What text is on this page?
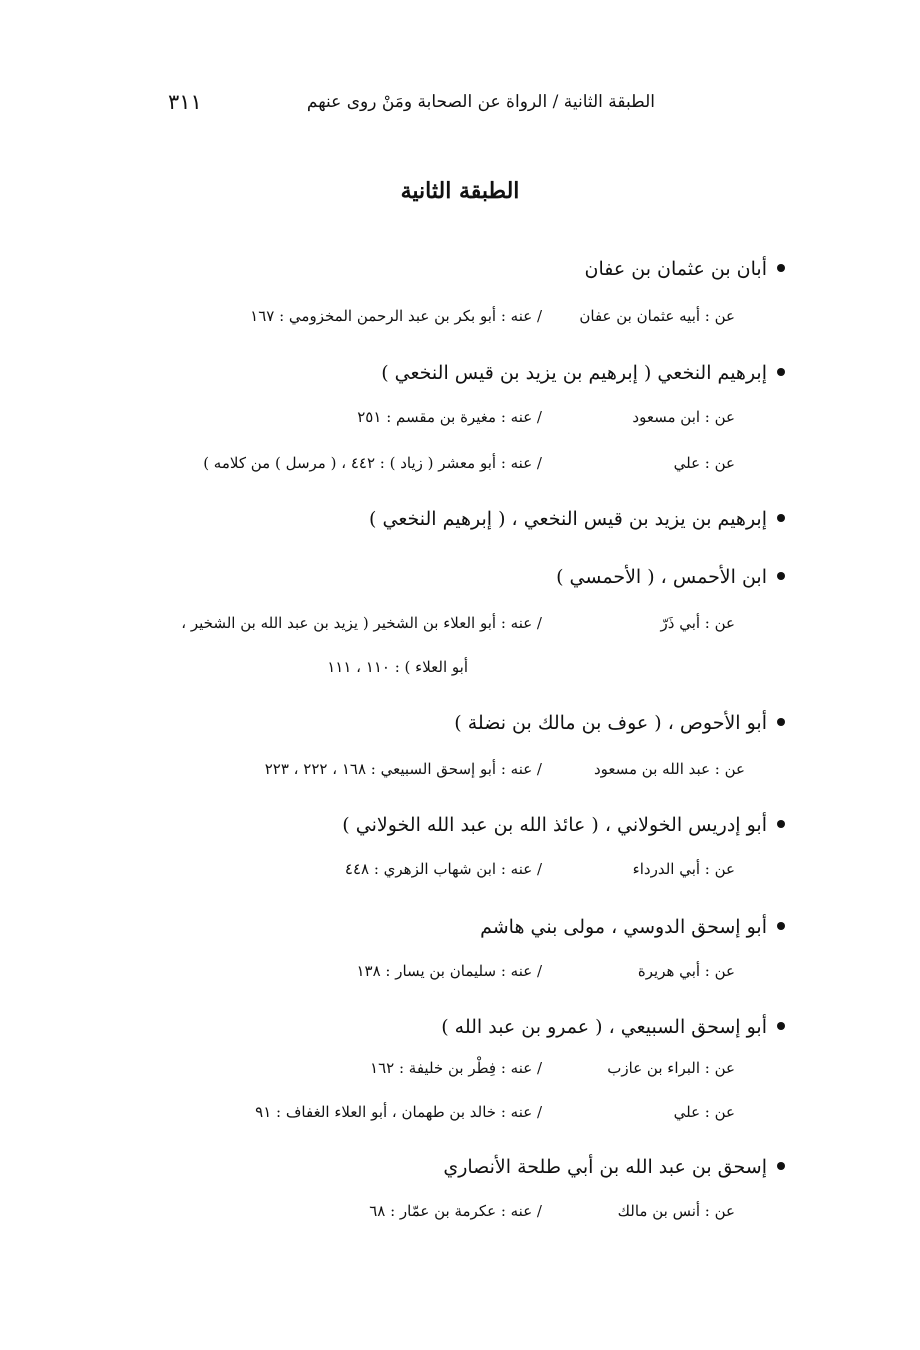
الطبقة الثانية / الرواة عن الصحابة ومَنْ روى عنهم
٣١١
الطبقة الثانية
أبان بن عثمان بن عفان
عن : أبيه عثمان بن عفان
/ عنه : أبو بكر بن عبد الرحمن المخزومي : ١٦٧
إبرهيم النخعي ( إبرهيم بن يزيد بن قيس النخعي )
عن : ابن مسعود
/ عنه : مغيرة بن مقسم : ٢٥١
عن : علي
/ عنه : أبو معشر ( زياد ) : ٤٤٢ ، ( مرسل ) من كلامه )
إبرهيم بن يزيد بن قيس النخعي ، ( إبرهيم النخعي )
ابن الأحمس ، ( الأحمسي )
عن : أبي ذَرّ
/ عنه : أبو العلاء بن الشخير ( يزيد بن عبد الله بن الشخير ،
أبو العلاء ) : ١١٠ ، ١١١
أبو الأحوص ، ( عوف بن مالك بن نضلة )
عن : عبد الله بن مسعود
/ عنه : أبو إسحق السبيعي : ١٦٨ ، ٢٢٢ ، ٢٢٣
أبو إدريس الخولاني ، ( عائذ الله بن عبد الله الخولاني )
عن : أبي الدرداء
/ عنه : ابن شهاب الزهري : ٤٤٨
أبو إسحق الدوسي ، مولى بني هاشم
عن : أبي هريرة
/ عنه : سليمان بن يسار : ١٣٨
أبو إسحق السبيعي ، ( عمرو بن عبد الله )
عن : البراء بن عازب
/ عنه : فِطْر بن خليفة : ١٦٢
عن : علي
/ عنه : خالد بن طهمان ، أبو العلاء الغفاف : ٩١
إسحق بن عبد الله بن أبي طلحة الأنصاري
عن : أنس بن مالك
/ عنه : عكرمة بن عمّار : ٦٨
